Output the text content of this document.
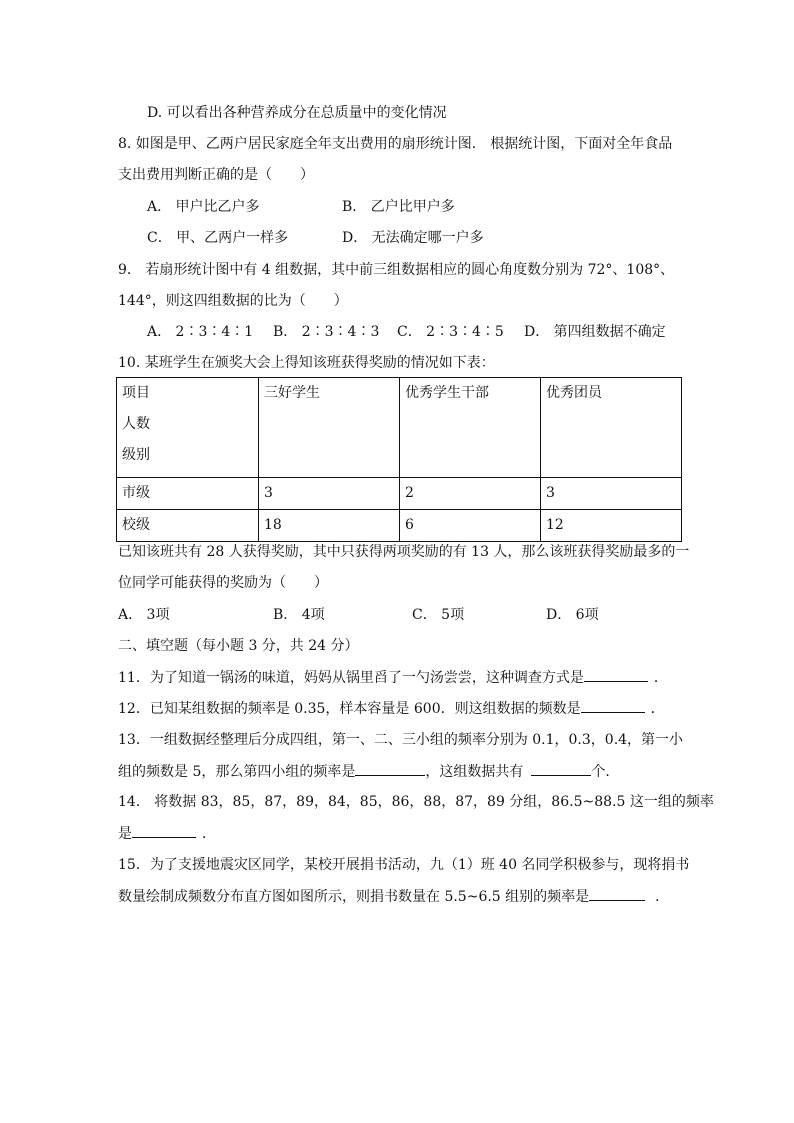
D. 可以看出各种营养成分在总质量中的变化情况
8. 如图是甲、乙两户居民家庭全年支出费用的扇形统计图． 根据统计图，下面对全年食品
支出费用判断正确的是（　　）
A． 甲户比乙户多	B． 乙户比甲户多
C． 甲、乙两户一样多	D． 无法确定哪一户多
9． 若扇形统计图中有 4 组数据，其中前三组数据相应的圆心角度数分别为 72°、108°、
144°，则这四组数据的比为（　　）
A． 2∶3∶4∶1 B． 2∶3∶4∶3 C． 2∶3∶4∶5 D． 第四组数据不确定
10. 某班学生在颁奖大会上得知该班获得奖励的情况如下表：
项目
人数
级别	三好学生	优秀学生干部	优秀团员
市级	3	2	3
校级	18	6	12
已知该班共有 28 人获得奖励，其中只获得两项奖励的有 13 人，那么该班获得奖励最多的一
位同学可能获得的奖励为（　　）
A． 3项	B． 4项	C． 5项	D． 6项
二、填空题（每小题 3 分，共 24 分）
11．为了知道一锅汤的味道，妈妈从锅里舀了一勺汤尝尝，这种调查方式是	．
12．已知某组数据的频率是 0.35，样本容量是 600．则这组数据的频数是	．
13．一组数据经整理后分成四组，第一、二、三小组的频率分别为 0.1，0.3，0.4，第一小
组的频数是 5，那么第四小组的频率是	，这组数据共有	个．
14． 将数据 83，85，87，89，84，85，86，88，87，89 分组，86.5~88.5 这一组的频率
是	．
15．为了支援地震灾区同学，某校开展捐书活动，九（1）班 40 名同学积极参与，现将捐书
数量绘制成频数分布直方图如图所示，则捐书数量在 5.5~6.5 组别的频率是	．
